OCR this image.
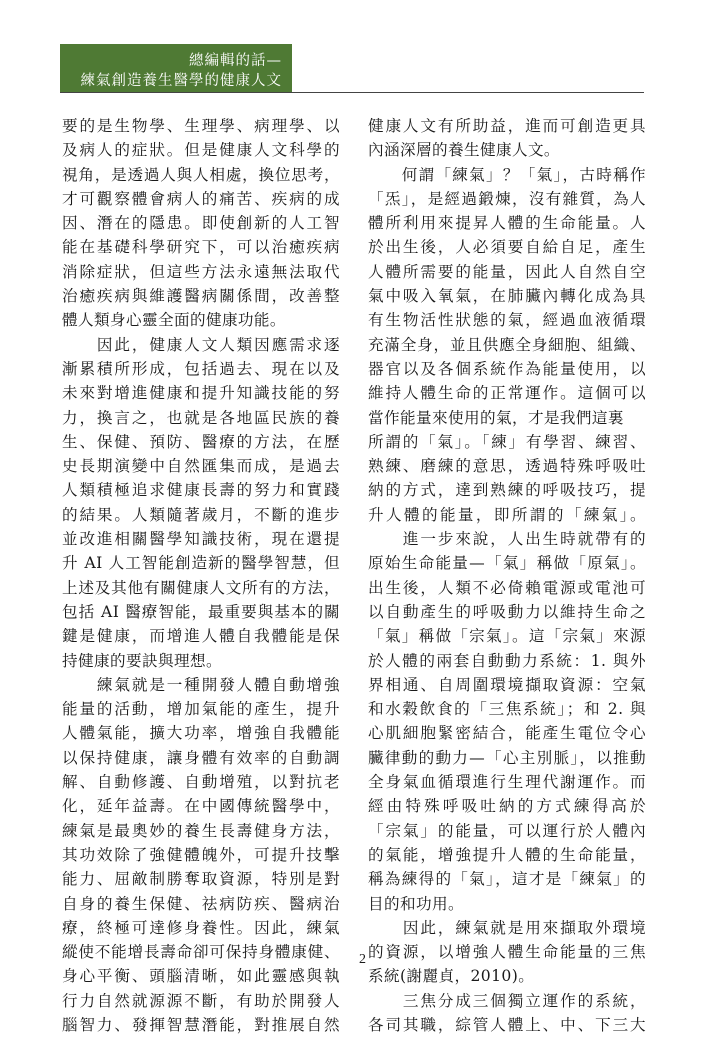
總編輯的話—
練氣創造養生醫學的健康人文
要的是生物學、生理學、病理學、以
及病人的症狀。但是健康人文科學的
視角，是透過人與人相處，換位思考，
才可觀察體會病人的痛苦、疾病的成
因、潛在的隱患。即使創新的人工智
能在基礎科學研究下，可以治癒疾病
消除症狀，但這些方法永遠無法取代
治癒疾病與維護醫病關係間，改善整
體人類身心靈全面的健康功能。
　　因此，健康人文人類因應需求逐
漸累積所形成，包括過去、現在以及
未來對增進健康和提升知識技能的努
力，換言之，也就是各地區民族的養
生、保健、預防、醫療的方法，在歷
史長期演變中自然匯集而成，是過去
人類積極追求健康長壽的努力和實踐
的結果。人類隨著歲月，不斷的進步
並改進相關醫學知識技術，現在還提
升 AI 人工智能創造新的醫學智慧，但
上述及其他有關健康人文所有的方法，
包括 AI 醫療智能，最重要與基本的關
鍵是健康，而增進人體自我體能是保
持健康的要訣與理想。
　　練氣就是一種開發人體自動增強
能量的活動，增加氣能的產生，提升
人體氣能，擴大功率，增強自我體能
以保持健康，讓身體有效率的自動調
解、自動修護、自動增殖，以對抗老
化，延年益壽。在中國傳統醫學中，
練氣是最奧妙的養生長壽健身方法，
其功效除了強健體魄外，可提升技擊
能力、屈敵制勝奪取資源，特別是對
自身的養生保健、祛病防疾、醫病治
療，終極可達修身養性。因此，練氣
縱使不能增長壽命卻可保持身體康健、
身心平衡、頭腦清晰，如此靈感與執
行力自然就源源不斷，有助於開發人
腦智力、發揮智慧潛能，對推展自然
健康人文有所助益，進而可創造更具
內涵深層的養生健康人文。
　　何謂「練氣」？「氣」，古時稱作
「炁」，是經過鍛煉，沒有雜質，為人
體所利用來提昇人體的生命能量。人
於出生後，人必須要自給自足，產生
人體所需要的能量，因此人自然自空
氣中吸入氧氣，在肺臟內轉化成為具
有生物活性狀態的氣，經過血液循環
充滿全身，並且供應全身細胞、組織、
器官以及各個系統作為能量使用，以
維持人體生命的正常運作。這個可以
當作能量來使用的氣，才是我們這裏
所謂的「氣」。「練」有學習、練習、
熟練、磨練的意思，透過特殊呼吸吐
納的方式，達到熟練的呼吸技巧，提
升人體的能量，即所謂的「練氣」。
　　進一步來說，人出生時就帶有的
原始生命能量—「氣」稱做「原氣」。
出生後，人類不必倚賴電源或電池可
以自動產生的呼吸動力以維持生命之
「氣」稱做「宗氣」。這「宗氣」來源
於人體的兩套自動動力系統：1. 與外
界相通、自周圍環境擷取資源：空氣
和水穀飲食的「三焦系統」；和 2. 與
心肌細胞緊密結合，能產生電位令心
臟律動的動力—「心主別脈」，以推動
全身氣血循環進行生理代謝運作。而
經由特殊呼吸吐納的方式練得高於
「宗氣」的能量，可以運行於人體內
的氣能，增強提升人體的生命能量，
稱為練得的「氣」，這才是「練氣」的
目的和功用。
　　因此，練氣就是用來擷取外環境
的資源，以增強人體生命能量的三焦
系統(謝麗貞，2010)。
　　三焦分成三個獨立運作的系統，
各司其職，綜管人體上、中、下三大
2
